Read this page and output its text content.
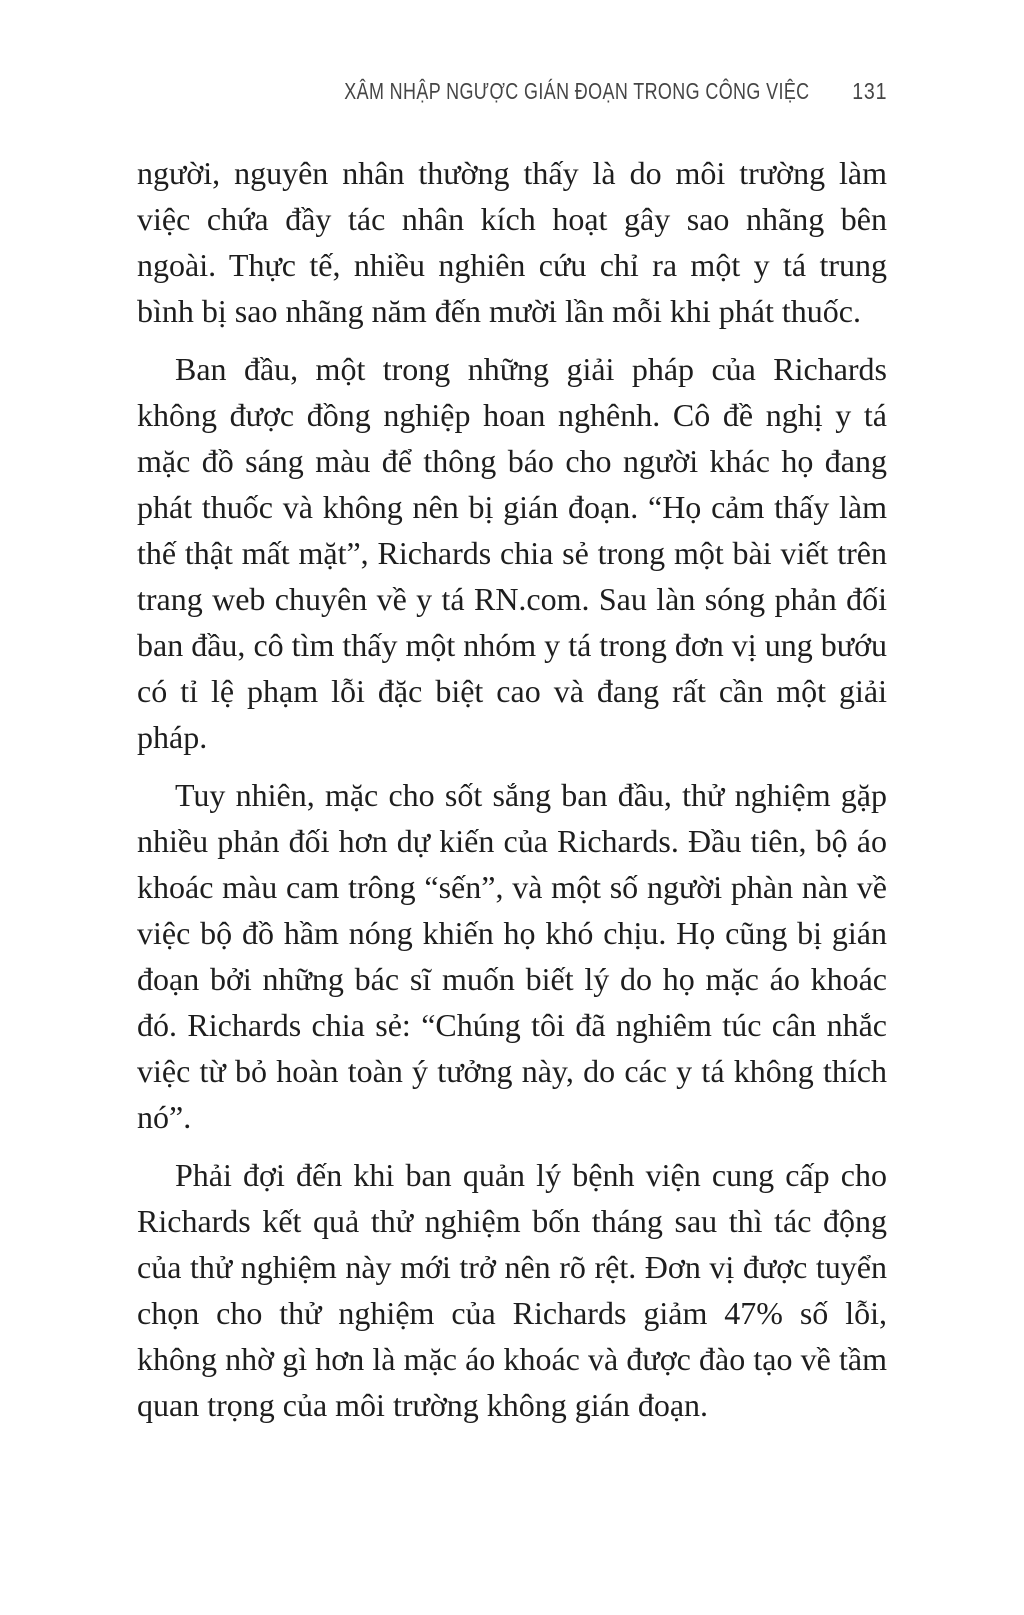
XÂM NHẬP NGƯỢC GIÁN ĐOẠN TRONG CÔNG VIỆC 131

người, nguyên nhân thường thấy là do môi trường làm việc chứa đầy tác nhân kích hoạt gây sao nhãng bên ngoài. Thực tế, nhiều nghiên cứu chỉ ra một y tá trung bình bị sao nhãng năm đến mười lần mỗi khi phát thuốc.

Ban đầu, một trong những giải pháp của Richards không được đồng nghiệp hoan nghênh. Cô đề nghị y tá mặc đồ sáng màu để thông báo cho người khác họ đang phát thuốc và không nên bị gián đoạn. “Họ cảm thấy làm thế thật mất mặt”, Richards chia sẻ trong một bài viết trên trang web chuyên về y tá RN.com. Sau làn sóng phản đối ban đầu, cô tìm thấy một nhóm y tá trong đơn vị ung bướu có tỉ lệ phạm lỗi đặc biệt cao và đang rất cần một giải pháp.

Tuy nhiên, mặc cho sốt sắng ban đầu, thử nghiệm gặp nhiều phản đối hơn dự kiến của Richards. Đầu tiên, bộ áo khoác màu cam trông “sến”, và một số người phàn nàn về việc bộ đồ hầm nóng khiến họ khó chịu. Họ cũng bị gián đoạn bởi những bác sĩ muốn biết lý do họ mặc áo khoác đó. Richards chia sẻ: “Chúng tôi đã nghiêm túc cân nhắc việc từ bỏ hoàn toàn ý tưởng này, do các y tá không thích nó”.

Phải đợi đến khi ban quản lý bệnh viện cung cấp cho Richards kết quả thử nghiệm bốn tháng sau thì tác động của thử nghiệm này mới trở nên rõ rệt. Đơn vị được tuyển chọn cho thử nghiệm của Richards giảm 47% số lỗi, không nhờ gì hơn là mặc áo khoác và được đào tạo về tầm quan trọng của môi trường không gián đoạn.
